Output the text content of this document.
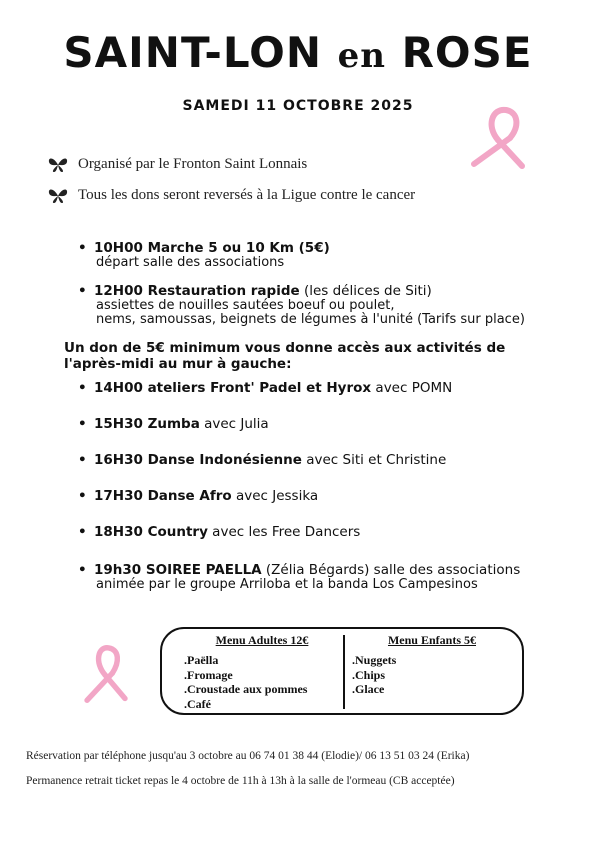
SAINT-LON en ROSE
SAMEDI 11 OCTOBRE 2025
Organisé par le Fronton Saint Lonnais
Tous les dons seront reversés à la Ligue contre le cancer
• 10H00 Marche 5 ou 10 Km (5€)
départ salle des associations
• 12H00 Restauration rapide (les délices de Siti)
assiettes de nouilles sautées boeuf ou poulet,
nems, samoussas, beignets de légumes à l'unité (Tarifs sur place)
Un don de 5€ minimum vous donne accès aux activités de l'après-midi au mur à gauche:
• 14H00 ateliers Front' Padel et Hyrox avec POMN
• 15H30 Zumba avec Julia
• 16H30 Danse Indonésienne avec Siti et Christine
• 17H30 Danse Afro avec Jessika
• 18H30 Country avec les Free Dancers
• 19h30 SOIREE PAELLA (Zélia Bégards) salle des associations
animée par le groupe Arriloba et la banda Los Campesinos
Menu Adultes 12€
.Paëlla
.Fromage
.Croustade aux pommes
.Café
Menu Enfants 5€
.Nuggets
.Chips
.Glace
Réservation par téléphone jusqu'au 3 octobre au 06 74 01 38 44 (Elodie)/ 06 13 51 03 24 (Erika)
Permanence retrait ticket repas le 4 octobre de 11h à 13h à la salle de l'ormeau (CB acceptée)
